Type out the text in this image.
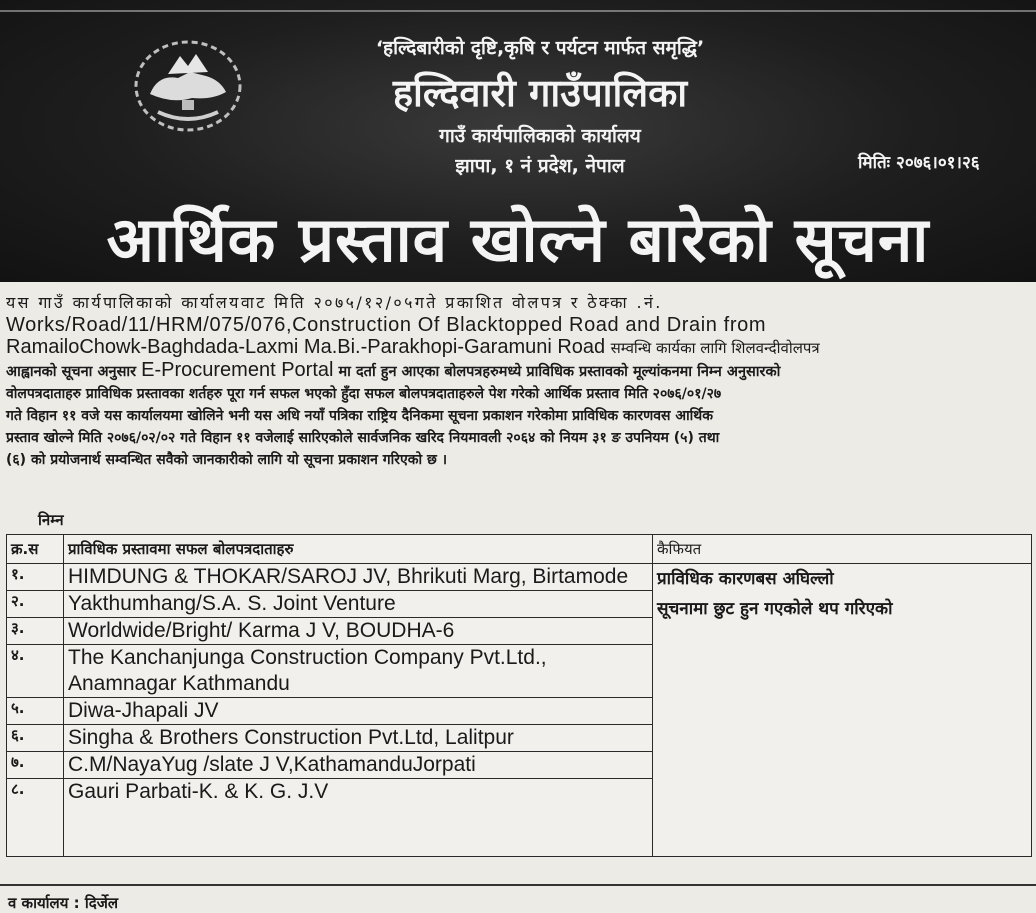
‘हल्दिबारीको दृष्टि,कृषि र पर्यटन मार्फत समृद्धि’
हल्दिवारी गाउँपालिका
गाउँ कार्यपालिकाको कार्यालय
झापा, १ नं प्रदेश, नेपाल	मितिः २०७६।०१।२६
आर्थिक प्रस्ताव खोल्ने बारेको सूचना
यस गाउँ कार्यपालिकाको कार्यालयवाट मिति २०७५/१२/०५गते प्रकाशित वोलपत्र र ठेक्का .नं.
Works/Road/11/HRM/075/076,Construction Of Blacktopped Road and Drain from
RamailoChowk-Baghdada-Laxmi Ma.Bi.-Parakhopi-Garamuni Road सम्वन्धि कार्यका लागि शिलवन्दीवोलपत्र
आह्वानको सूचना अनुसार E-Procurement Portal मा दर्ता हुन आएका बोलपत्रहरुमध्ये प्राविधिक प्रस्तावको मूल्यांकनमा निम्न अनुसारको
वोलपत्रदाताहरु प्राविधिक प्रस्तावका शर्तहरु पूरा गर्न सफल भएको हुँदा सफल बोलपत्रदाताहरुले पेश गरेको आर्थिक प्रस्ताव मिति २०७६/०१/२७
गते विहान ११ वजे यस कार्यालयमा खोलिने भनी यस अधि नयाँ पत्रिका राष्ट्रिय दैनिकमा सूचना प्रकाशन गरेकोमा प्राविधिक कारणवस आर्थिक
प्रस्ताव खोल्ने मिति २०७६/०२/०२ गते विहान ११ वजेलाई सारिएकोले सार्वजनिक खरिद नियमावली २०६४ को नियम ३१ ङ उपनियम (५) तथा
(६) को प्रयोजनार्थ सम्वन्धित सवैको जानकारीको लागि यो सूचना प्रकाशन गरिएको छ ।
निम्न
क्र.स	प्राविधिक प्रस्तावमा सफल बोलपत्रदाताहरु	कैफियत
१.	HIMDUNG & THOKAR/SAROJ JV, Bhrikuti Marg, Birtamode	प्राविधिक कारणबस अघिल्लो
सूचनामा छुट हुन गएकोले थप गरिएको

२.	Yakthumhang/S.A. S. Joint Venture	
३.	Worldwide/Bright/ Karma J V, BOUDHA-6	
४.	The Kanchanjunga Construction Company Pvt.Ltd.,
Anamnagar Kathmandu	

५.	Diwa-Jhapali JV	
६.	Singha & Brothers Construction Pvt.Ltd, Lalitpur	
७.	C.M/NayaYug /slate J V,KathamanduJorpati	
८.	Gauri Parbati-K. & K. G. J.V	
व कार्यालय : दिर्जेल
